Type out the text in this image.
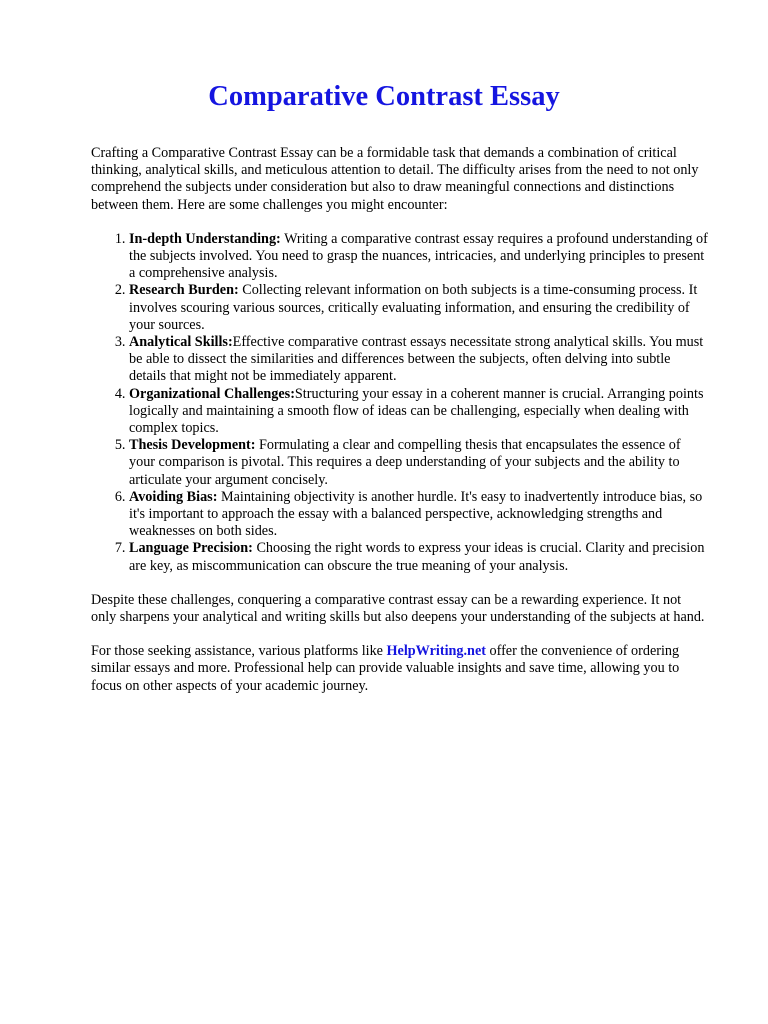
Comparative Contrast Essay

Crafting a Comparative Contrast Essay can be a formidable task that demands a combination of critical thinking, analytical skills, and meticulous attention to detail. The difficulty arises from the need to not only comprehend the subjects under consideration but also to draw meaningful connections and distinctions between them. Here are some challenges you might encounter:

1. In-depth Understanding: Writing a comparative contrast essay requires a profound understanding of the subjects involved. You need to grasp the nuances, intricacies, and underlying principles to present a comprehensive analysis.
2. Research Burden: Collecting relevant information on both subjects is a time-consuming process. It involves scouring various sources, critically evaluating information, and ensuring the credibility of your sources.
3. Analytical Skills:Effective comparative contrast essays necessitate strong analytical skills. You must be able to dissect the similarities and differences between the subjects, often delving into subtle details that might not be immediately apparent.
4. Organizational Challenges:Structuring your essay in a coherent manner is crucial. Arranging points logically and maintaining a smooth flow of ideas can be challenging, especially when dealing with complex topics.
5. Thesis Development: Formulating a clear and compelling thesis that encapsulates the essence of your comparison is pivotal. This requires a deep understanding of your subjects and the ability to articulate your argument concisely.
6. Avoiding Bias: Maintaining objectivity is another hurdle. It's easy to inadvertently introduce bias, so it's important to approach the essay with a balanced perspective, acknowledging strengths and weaknesses on both sides.
7. Language Precision: Choosing the right words to express your ideas is crucial. Clarity and precision are key, as miscommunication can obscure the true meaning of your analysis.

Despite these challenges, conquering a comparative contrast essay can be a rewarding experience. It not only sharpens your analytical and writing skills but also deepens your understanding of the subjects at hand.

For those seeking assistance, various platforms like HelpWriting.net offer the convenience of ordering similar essays and more. Professional help can provide valuable insights and save time, allowing you to focus on other aspects of your academic journey.
